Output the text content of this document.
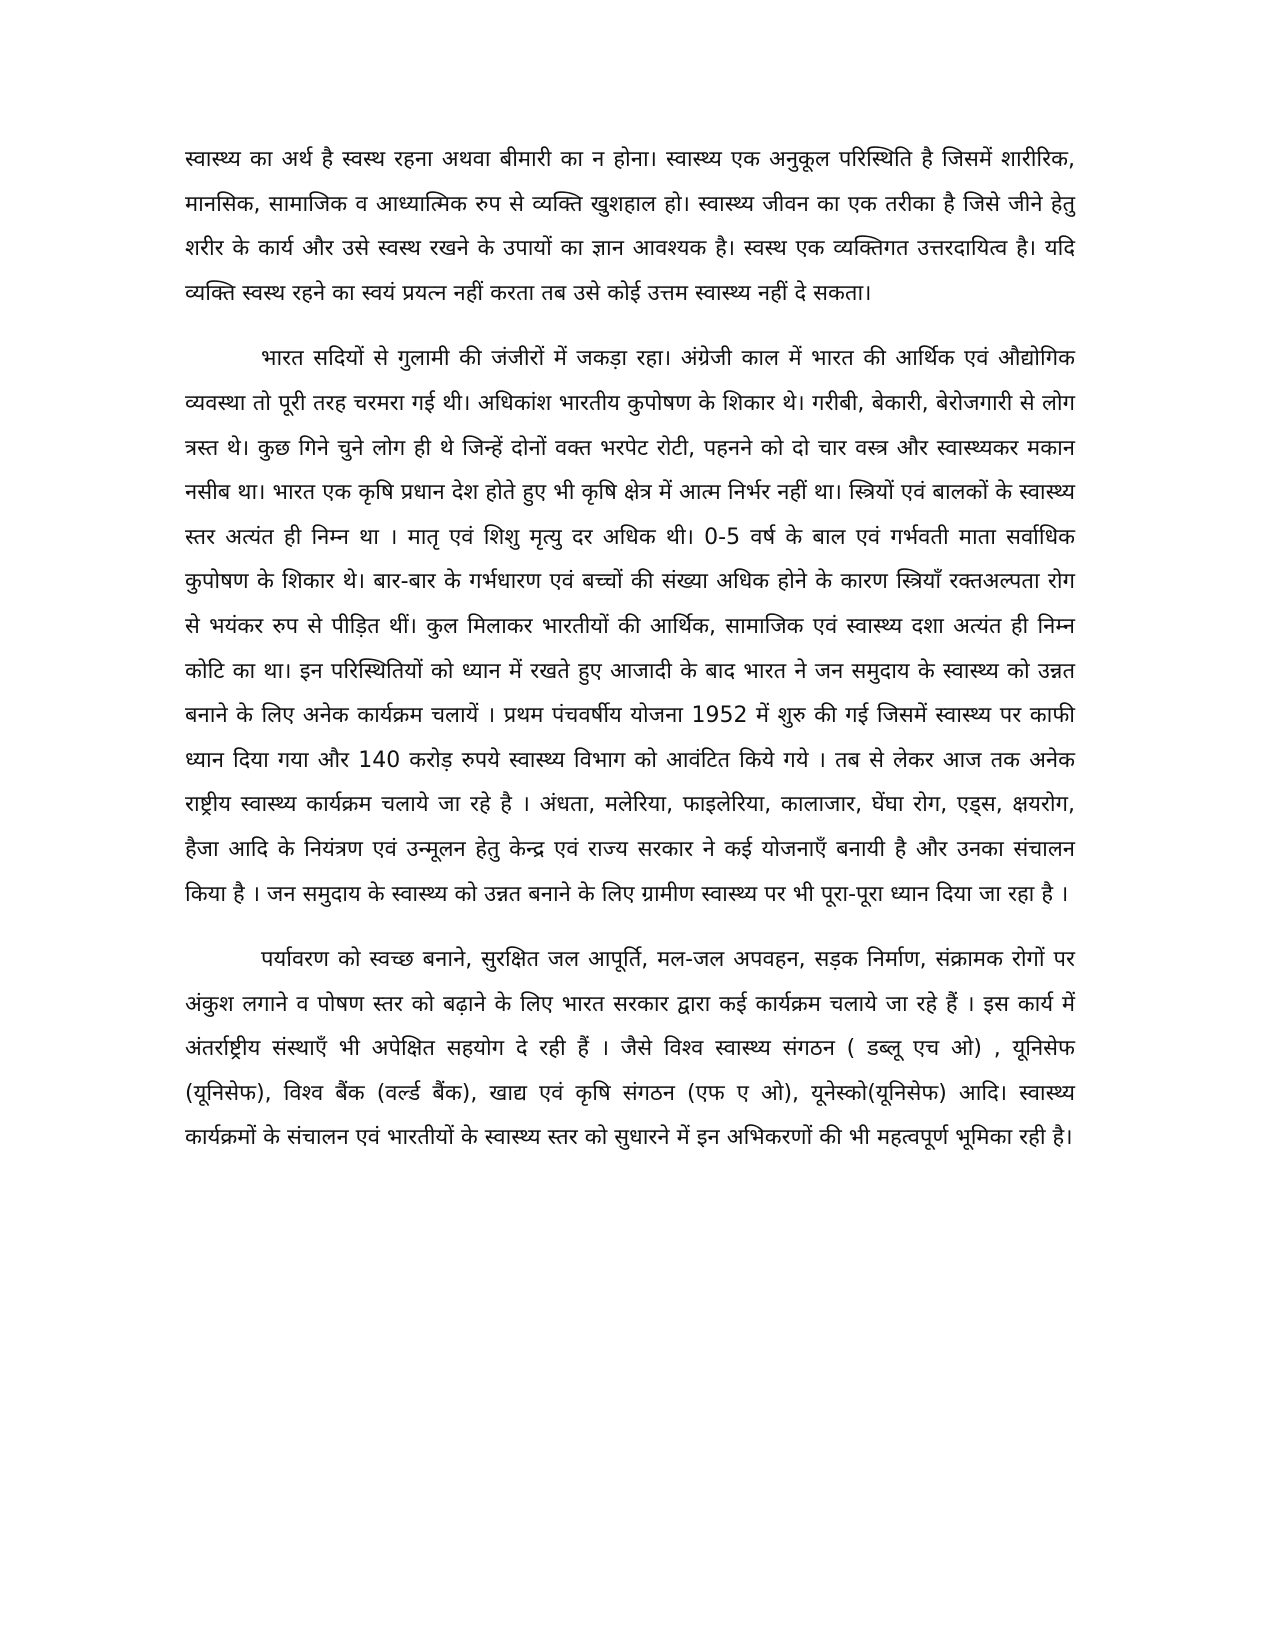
स्वास्थ्य का अर्थ है स्वस्थ रहना अथवा बीमारी का न होना। स्वास्थ्य एक अनुकूल परिस्थिति है जिसमें शारीरिक, मानसिक, सामाजिक व आध्यात्मिक रुप से व्यक्ति खुशहाल हो। स्वास्थ्य जीवन का एक तरीका है जिसे जीने हेतु शरीर के कार्य और उसे स्वस्थ रखने के उपायों का ज्ञान आवश्यक है। स्वस्थ एक व्यक्तिगत उत्तरदायित्व है। यदि व्यक्ति स्वस्थ रहने का स्वयं प्रयत्न नहीं करता तब उसे कोई उत्तम स्वास्थ्य नहीं दे सकता।

भारत सदियों से गुलामी की जंजीरों में जकड़ा रहा। अंग्रेजी काल में भारत की आर्थिक एवं औद्योगिक व्यवस्था तो पूरी तरह चरमरा गई थी। अधिकांश भारतीय कुपोषण के शिकार थे। गरीबी, बेकारी, बेरोजगारी से लोग त्रस्त थे। कुछ गिने चुने लोग ही थे जिन्हें दोनों वक्त भरपेट रोटी, पहनने को दो चार वस्त्र और स्वास्थ्यकर मकान नसीब था। भारत एक कृषि प्रधान देश होते हुए भी कृषि क्षेत्र में आत्म निर्भर नहीं था। स्त्रियों एवं बालकों के स्वास्थ्य स्तर अत्यंत ही निम्न था । मातृ एवं शिशु मृत्यु दर अधिक थी। 0-5 वर्ष के बाल एवं गर्भवती माता सर्वाधिक कुपोषण के शिकार थे। बार-बार के गर्भधारण एवं बच्चों की संख्या अधिक होने के कारण स्त्रियाँ रक्तअल्पता रोग से भयंकर रुप से पीड़ित थीं। कुल मिलाकर भारतीयों की आर्थिक, सामाजिक एवं स्वास्थ्य दशा अत्यंत ही निम्न कोटि का था। इन परिस्थितियों को ध्यान में रखते हुए आजादी के बाद भारत ने जन समुदाय के स्वास्थ्य को उन्नत बनाने के लिए अनेक कार्यक्रम चलायें । प्रथम पंचवर्षीय योजना 1952 में शुरु की गई जिसमें स्वास्थ्य पर काफी ध्यान दिया गया और 140 करोड़ रुपये स्वास्थ्य विभाग को आवंटित किये गये । तब से लेकर आज तक अनेक राष्ट्रीय स्वास्थ्य कार्यक्रम चलाये जा रहे है । अंधता, मलेरिया, फाइलेरिया, कालाजार, घेंघा रोग, एड्स, क्षयरोग, हैजा आदि के नियंत्रण एवं उन्मूलन हेतु केन्द्र एवं राज्य सरकार ने कई योजनाएँ बनायी है और उनका संचालन किया है । जन समुदाय के स्वास्थ्य को उन्नत बनाने के लिए ग्रामीण स्वास्थ्य पर भी पूरा-पूरा ध्यान दिया जा रहा है ।

पर्यावरण को स्वच्छ बनाने, सुरक्षित जल आपूर्ति, मल-जल अपवहन, सड़क निर्माण, संक्रामक रोगों पर अंकुश लगाने व पोषण स्तर को बढ़ाने के लिए भारत सरकार द्वारा कई कार्यक्रम चलाये जा रहे हैं । इस कार्य में अंतर्राष्ट्रीय संस्थाएँ भी अपेक्षित सहयोग दे रही हैं । जैसे विश्व स्वास्थ्य संगठन ( डब्लू एच ओ) , यूनिसेफ (यूनिसेफ), विश्व बैंक (वर्ल्ड बैंक), खाद्य एवं कृषि संगठन (एफ ए ओ), यूनेस्को(यूनिसेफ) आदि। स्वास्थ्य कार्यक्रमों के संचालन एवं भारतीयों के स्वास्थ्य स्तर को सुधारने में इन अभिकरणों की भी महत्वपूर्ण भूमिका रही है।
